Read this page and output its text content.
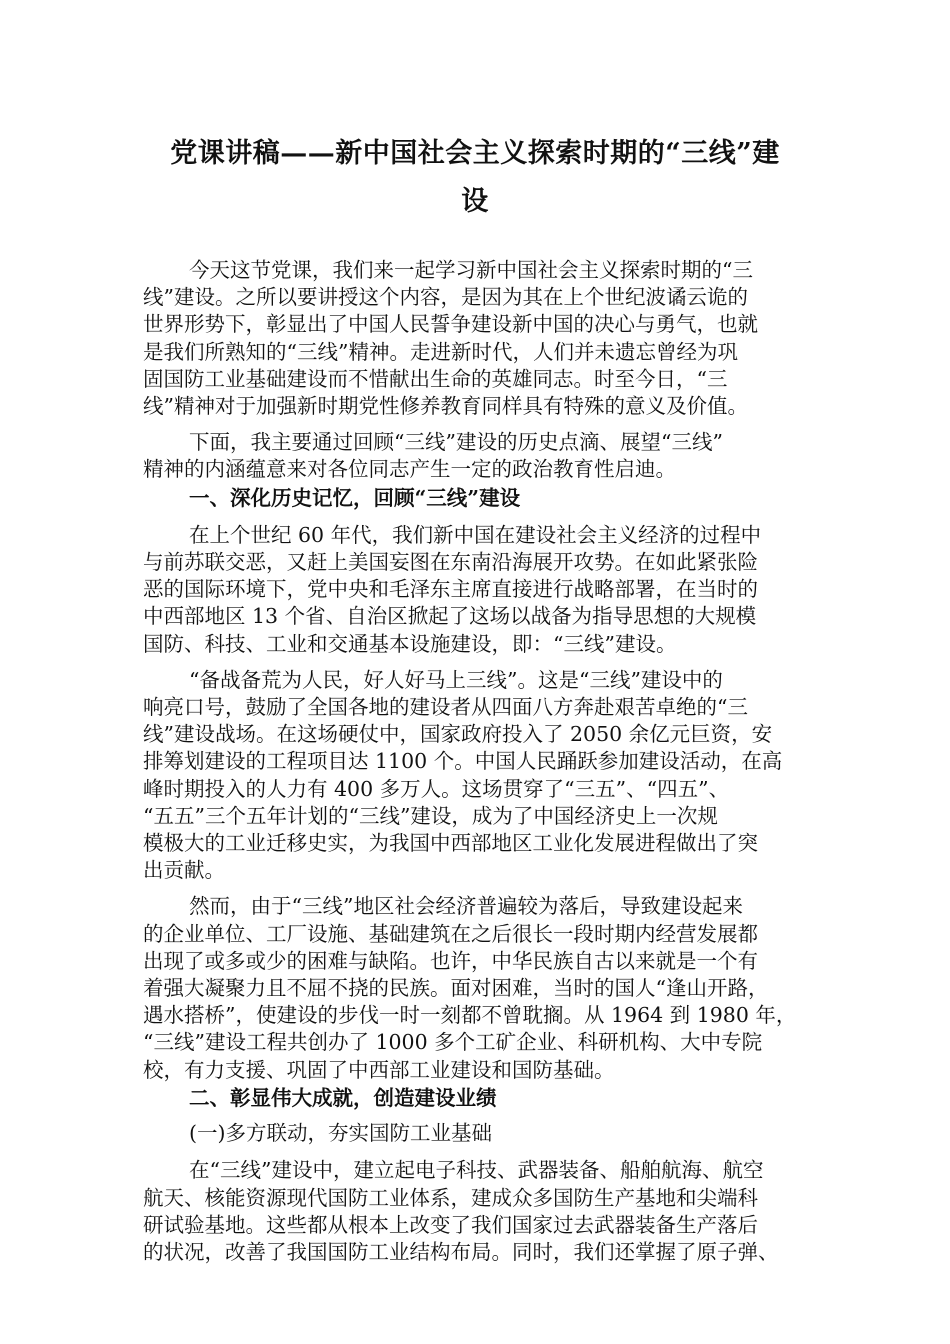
党课讲稿——新中国社会主义探索时期的“三线”建
设
今天这节党课，我们来一起学习新中国社会主义探索时期的“三
线”建设。之所以要讲授这个内容，是因为其在上个世纪波谲云诡的
世界形势下，彰显出了中国人民誓争建设新中国的决心与勇气，也就
是我们所熟知的“三线”精神。走进新时代，人们并未遗忘曾经为巩
固国防工业基础建设而不惜献出生命的英雄同志。时至今日，“三
线”精神对于加强新时期党性修养教育同样具有特殊的意义及价值。
下面，我主要通过回顾“三线”建设的历史点滴、展望“三线”
精神的内涵蕴意来对各位同志产生一定的政治教育性启迪。
一、深化历史记忆，回顾“三线”建设
在上个世纪 60 年代，我们新中国在建设社会主义经济的过程中
与前苏联交恶，又赶上美国妄图在东南沿海展开攻势。在如此紧张险
恶的国际环境下，党中央和毛泽东主席直接进行战略部署，在当时的
中西部地区 13 个省、自治区掀起了这场以战备为指导思想的大规模
国防、科技、工业和交通基本设施建设，即：“三线”建设。
“备战备荒为人民，好人好马上三线”。这是“三线”建设中的
响亮口号，鼓励了全国各地的建设者从四面八方奔赴艰苦卓绝的“三
线”建设战场。在这场硬仗中，国家政府投入了 2050 余亿元巨资，安
排筹划建设的工程项目达 1100 个。中国人民踊跃参加建设活动，在高
峰时期投入的人力有 400 多万人。这场贯穿了“三五”、“四五”、
“五五”三个五年计划的“三线”建设，成为了中国经济史上一次规
模极大的工业迁移史实，为我国中西部地区工业化发展进程做出了突
出贡献。
然而，由于“三线”地区社会经济普遍较为落后，导致建设起来
的企业单位、工厂设施、基础建筑在之后很长一段时期内经营发展都
出现了或多或少的困难与缺陷。也许，中华民族自古以来就是一个有
着强大凝聚力且不屈不挠的民族。面对困难，当时的国人“逢山开路，
遇水搭桥”，使建设的步伐一时一刻都不曾耽搁。从 1964 到 1980 年，
“三线”建设工程共创办了 1000 多个工矿企业、科研机构、大中专院
校，有力支援、巩固了中西部工业建设和国防基础。
二、彰显伟大成就，创造建设业绩
(一)多方联动，夯实国防工业基础
在“三线”建设中，建立起电子科技、武器装备、船舶航海、航空
航天、核能资源现代国防工业体系，建成众多国防生产基地和尖端科
研试验基地。这些都从根本上改变了我们国家过去武器装备生产落后
的状况，改善了我国国防工业结构布局。同时，我们还掌握了原子弹、
